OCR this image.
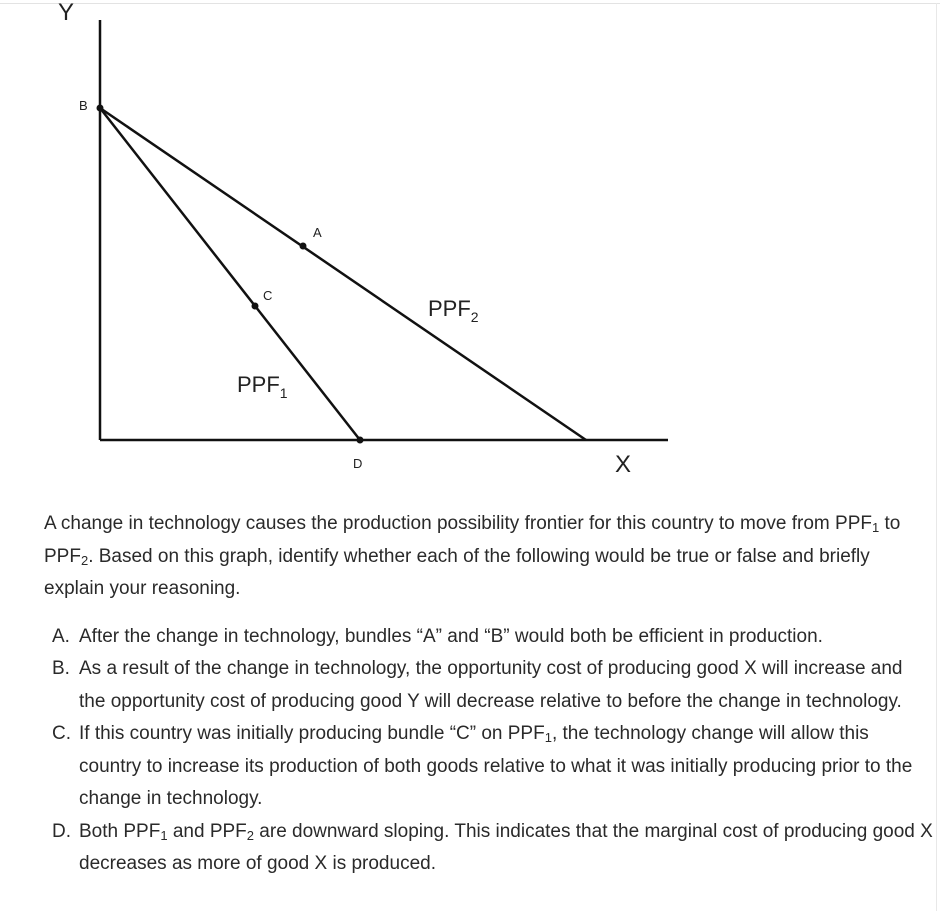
Y
X
B
A
C
D
$PPF_2$
$PPF_1$

A change in technology causes the production possibility frontier for this country to move from $PPF_1$ to $PPF_2$. Based on this graph, identify whether each of the following would be true or false and briefly explain your reasoning.

A. After the change in technology, bundles “A” and “B” would both be efficient in production.
B. As a result of the change in technology, the opportunity cost of producing good X will increase and the opportunity cost of producing good Y will decrease relative to before the change in technology.
C. If this country was initially producing bundle “C” on $PPF_1$, the technology change will allow this country to increase its production of both goods relative to what it was initially producing prior to the change in technology.
D. Both $PPF_1$ and $PPF_2$ are downward sloping. This indicates that the marginal cost of producing good X decreases as more of good X is produced.
